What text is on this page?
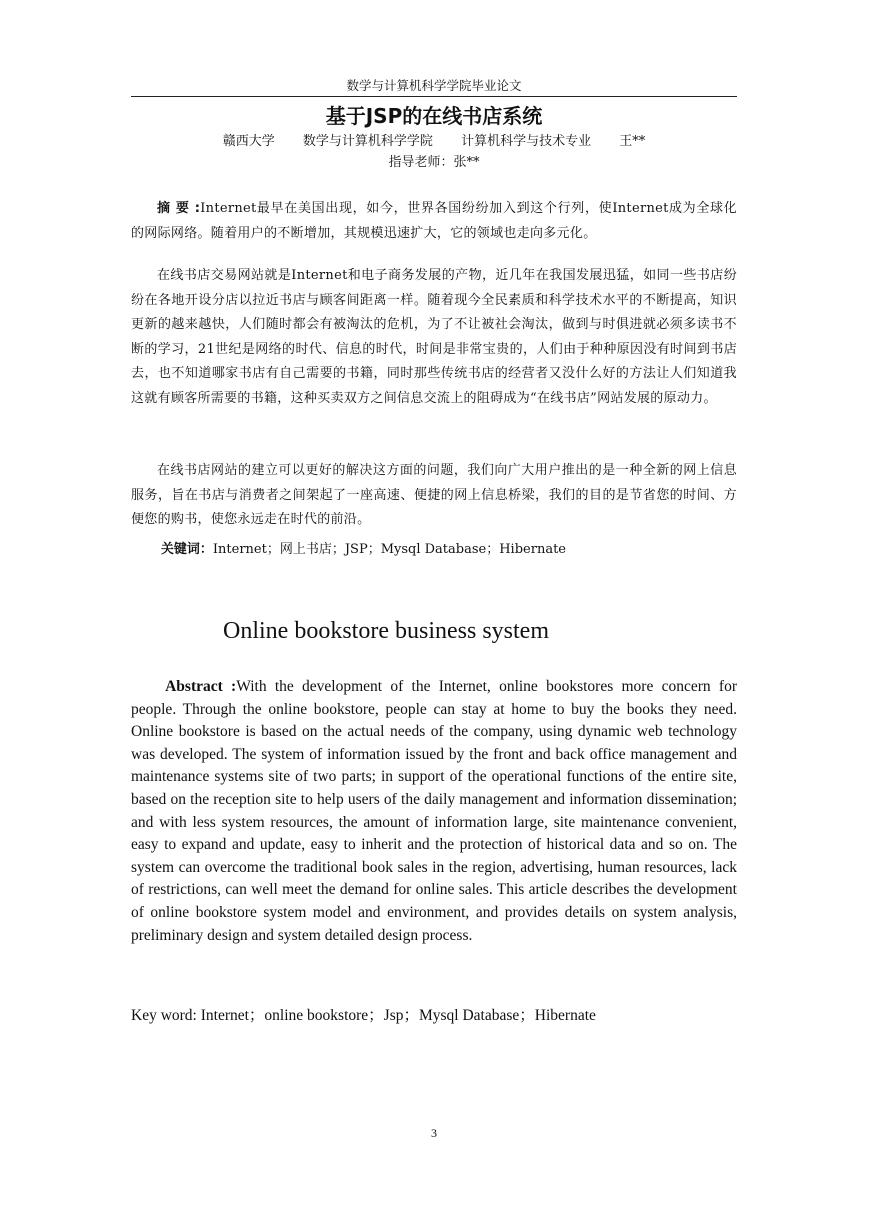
数学与计算机科学学院毕业论文
基于JSP的在线书店系统
赣西大学 数学与计算机科学学院 计算机科学与技术专业 王**
指导老师：张**

摘 要 :Internet最早在美国出现，如今，世界各国纷纷加入到这个行列，使Internet成为全球化的网际网络。随着用户的不断增加，其规模迅速扩大，它的领域也走向多元化。

在线书店交易网站就是Internet和电子商务发展的产物，近几年在我国发展迅猛，如同一些书店纷纷在各地开设分店以拉近书店与顾客间距离一样。随着现今全民素质和科学技术水平的不断提高，知识更新的越来越快，人们随时都会有被淘汰的危机，为了不让被社会淘汰，做到与时俱进就必须多读书不断的学习，21世纪是网络的时代、信息的时代，时间是非常宝贵的，人们由于种种原因没有时间到书店去，也不知道哪家书店有自己需要的书籍，同时那些传统书店的经营者又没什么好的方法让人们知道我这就有顾客所需要的书籍，这种买卖双方之间信息交流上的阻碍成为“在线书店”网站发展的原动力。

在线书店网站的建立可以更好的解决这方面的问题，我们向广大用户推出的是一种全新的网上信息服务，旨在书店与消费者之间架起了一座高速、便捷的网上信息桥梁，我们的目的是节省您的时间、方便您的购书，使您永远走在时代的前沿。

关键词：Internet；网上书店；JSP；Mysql Database；Hibernate
Online bookstore business system

Abstract :With the development of the Internet, online bookstores more concern for people. Through the online bookstore, people can stay at home to buy the books they need. Online bookstore is based on the actual needs of the company, using dynamic web technology was developed. The system of information issued by the front and back office management and maintenance systems site of two parts; in support of the operational functions of the entire site, based on the reception site to help users of the daily management and information dissemination; and with less system resources, the amount of information large, site maintenance convenient, easy to expand and update, easy to inherit and the protection of historical data and so on. The system can overcome the traditional book sales in the region, advertising, human resources, lack of restrictions, can well meet the demand for online sales. This article describes the development of online bookstore system model and environment, and provides details on system analysis, preliminary design and system detailed design process.

Key word: Internet；online bookstore；Jsp；Mysql Database；Hibernate
3
